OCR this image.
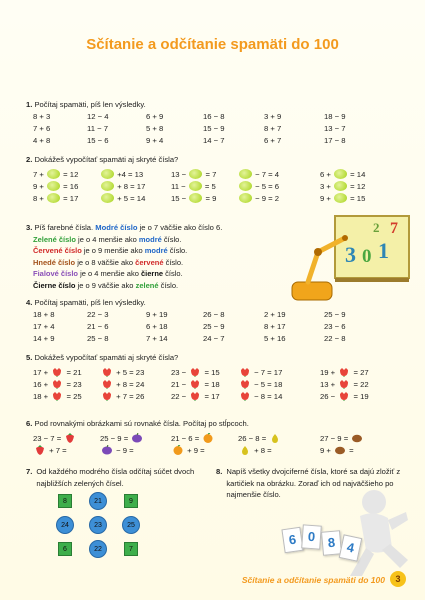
Sčítanie a odčítanie spamäti do 100
1. Počítaj spamäti, píš len výsledky.
8 + 3	12 − 4	6 + 9	16 − 8	3 + 9	18 − 9
7 + 6	11 − 7	5 + 8	15 − 9	8 + 7	13 − 7
4 + 8	15 − 6	9 + 4	14 − 7	6 + 7	17 − 8
2. Dokážeš vypočítať spamäti aj skryté čísla?
7 +  = 12	+4 = 13	13 −  = 7	− 7 = 4	6 +  = 14
9 +  = 16	+ 8 = 17	11 −  = 5	− 5 = 6	3 +  = 12
8 +  = 17	+ 5 = 14	15 −  = 9	− 9 = 2	9 +  = 15
3. Píš farebné čísla. Modré číslo je o 7 väčšie ako číslo 6.
Zelené číslo je o 4 menšie ako modré číslo.
Červené číslo je o 9 menšie ako modré číslo.
Hnedé číslo je o 8 väčšie ako červené číslo.
Fialové číslo je o 4 menšie ako čierne číslo.
Čierne číslo je o 9 väčšie ako zelené číslo.
3 0 1
7
2
4. Počítaj spamäti, píš len výsledky.
18 + 8	22 − 3	9 + 19	26 − 8	2 + 19	25 − 9
17 + 4	21 − 6	6 + 18	25 − 9	8 + 17	23 − 6
14 + 9	25 − 8	7 + 14	24 − 7	5 + 16	22 − 8
5. Dokážeš vypočítať spamäti aj skryté čísla?
17 +  = 21	+ 5 = 23	23 −  = 15	− 7 = 17	19 +  = 27
16 +  = 23	+ 8 = 24	21 −  = 18	− 5 = 18	13 +  = 22
18 +  = 25	+ 7 = 26	22 −  = 17	− 8 = 14	26 −  = 19
6. Pod rovnakými obrázkami sú rovnaké čísla. Počítaj po stĺpcoch.
23 − 7 =	25 − 9 =	21 − 6 =	26 − 8 =	27 − 9 =
+ 7 =	− 9 =	+ 9 =	+ 8 =	9 +  =
7. Od každého modrého čísla odčítaj súčet dvoch najbližších zelených čísel.
8	21	9
24	23	25
6	22	7
8. Napíš všetky dvojciferné čísla, ktoré sa dajú zložiť z kartičiek na obrázku. Zoraď ich od najväčšieho po najmenšie číslo.
6 0 8 4
Sčítanie a odčítanie spamäti do 100	3
